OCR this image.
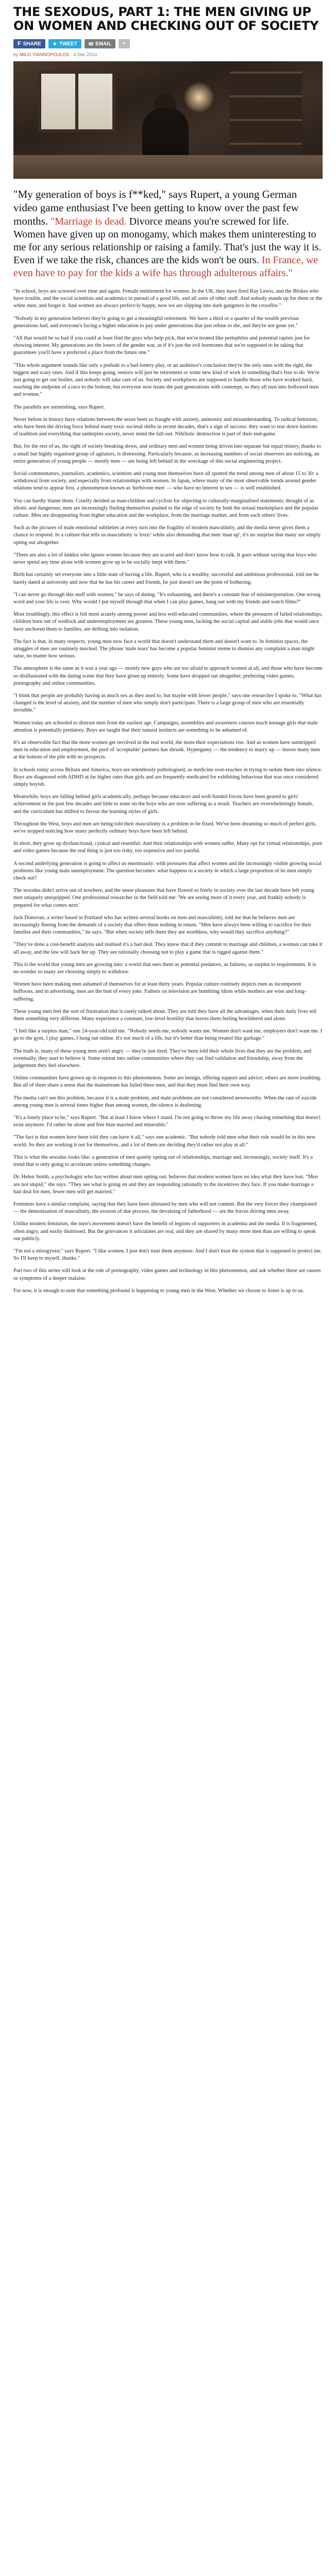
THE SEXODUS, PART 1: THE MEN GIVING UP ON WOMEN AND CHECKING OUT OF SOCIETY
F SHARE ✦ TWEET ✉ EMAIL +
by MILO YIANNOPOULOS · 4 Dec 2014
"My generation of boys is f**ked," says Rupert, a young German video game enthusiast I've been getting to know over the past few months. "Marriage is dead. Divorce means you're screwed for life. Women have given up on monogamy, which makes them uninteresting to me for any serious relationship or raising a family. That's just the way it is. Even if we take the risk, chances are the kids won't be ours. In France, we even have to pay for the kids a wife has through adulterous affairs."

"In school, boys are screwed over time and again. Female entitlement for women. In the UK, they have fired Ray Lewis, and the Blokes who have trouble, and the social scientists and academics in pursuit of a good life, and all sorts of other stuff. And nobody stands up for them or the white men, and forget it. And women are always perfect-ly happy, now we are slipping into dark gangsters in the crossfire."

"Nobody in my generation believes they're going to get a meaningful retirement. We have a third or a quarter of the wealth previous generations had, and everyone's facing a higher education to pay under generations that just refuse to die, and they're not gone yet."

"All that would be so bad if you could at least find the guys who help pick, that we're treated like pedophiles and potential rapists just for showing interest. My generations are the losers of the gender war, as if it's just the evil hormones that we're supposed to be taking that guarantees you'll have a preferred a place from the future one."

"This whole argument sounds like only a prelude to a bad-lottery play, or an audience's conclusion they're the only ones with the right, the biggest and scary ones. And if this keeps going, seniors will just be retirement or some new kind of work in something that's free to do. We're just going to get our bodies, and nobody will take care of us. Society and workplaces are supposed to handle those who have worked hard, reaching the endpoint of a race to the bottom, but everyone now treats the past generations with contempt, so they all turn into hollowed men and women."

The parallels are astonishing, says Rupert.

Never before in history have relations between the sexes been so fraught with anxiety, animosity and misunderstanding. To radical feminists, who have been the driving force behind many toxic societal shifts in recent decades, that's a sign of success: they want to tear down bastions of tradition and everything that underpins society, never mind the fall-out. Nihilistic destruction is part of their end-game.

But, for the rest of us, the sight of society breaking down, and ordinary men and women being driven into separate but equal misery, thanks to a small but highly organised group of agitators, is distressing. Particularly because, as increasing numbers of social observers are noticing, an entire generation of young people — mostly men — are being left behind in the wreckage of this social engineering project.

Social commentators, journalists, academics, scientists and young men themselves have all spotted the trend among men of about 15 to 30: a withdrawal from society, and especially from relationships with women. In Japan, where many of the most observable trends around gender relations tend to appear first, a phenomenon known as 'herbivore men' — who have no interest in sex — is well established.

You can hardly blame them. Cruelly derided as man-children and cyclists for objecting to culturally-marginalised statements; thought of as idiotic and dangerous; men are increasingly finding themselves pushed to the edge of society by both the sexual marketplace and the popular culture. Men are disappearing from higher education and the workplace, from the marriage market, and from each others' lives.

Such as the pictures of male emotional subtleties at every turn into the fragility of modern masculinity, and the media never gives them a chance to respond. In a culture that tells us masculinity is 'toxic' while also demanding that men 'man up', it's no surprise that many are simply opting out altogether.

"There are also a lot of kiddos who ignore women because they are scared and don't know how to talk. It goes without saying that boys who never spend any time alone with women grow up to be socially inept with them."

Birth has certainly set everyone into a little state of having a life. Rupert, who is a wealthy, successful and ambitious professional, told me he barely dated at university and now that he has his career and friends, he just doesn't see the point of bothering.

"I can never go through this stuff with women," he says of dating. "It's exhausting, and there's a constant fear of misinterpretation. One wrong word and your life is over. Why would I put myself through that when I can play games, hang out with my friends and watch films?"

Most troublingly, this effect is felt most acutely among poorer and less well-educated communities, where the pressures of failed relationships, children born out of wedlock and underemployment are greatest. These young men, lacking the social capital and stable jobs that would once have anchored them to families, are drifting into isolation.

The fact is that, in many respects, young men now face a world that doesn't understand them and doesn't want to. In feminist spaces, the struggles of men are routinely mocked. The phrase 'male tears' has become a popular feminist meme to dismiss any complaint a man might raise, no matter how serious.

The atmosphere is the same as it was a year ago — mostly new guys who are too afraid to approach women at all, and those who have become so disillusioned with the dating scene that they have given up entirely. Some have dropped out altogether, preferring video games, pornography and online communities.

"I think that people are probably having as much sex as they used to, but maybe with fewer people," says one researcher I spoke to. "What has changed is the level of anxiety, and the number of men who simply don't participate. There is a large group of men who are essentially invisible."

Women today are schooled to distrust men from the earliest age. Campaigns, assemblies and awareness courses teach teenage girls that male attention is potentially predatory. Boys are taught that their natural instincts are something to be ashamed of.

It's an observable fact that the more women get involved in the real world, the more their expectations rise. And as women have outstripped men in education and employment, the pool of 'acceptable' partners has shrunk. Hypergamy — the tendency to marry up — leaves many men at the bottom of the pile with no prospects.

In schools today across Britain and America, boys are relentlessly pathologised, as medicine over-reaches in trying to sedate them into silence. Boys are diagnosed with ADHD at far higher rates than girls and are frequently medicated for exhibiting behaviour that was once considered simply boyish.

Meanwhile, boys are falling behind girls academically, perhaps because educators and well-funded forces have been geared to girls' achievement in the past few decades and little to none on the boys who are now suffering as a result. Teachers are overwhelmingly female, and the curriculum has shifted to favour the learning styles of girls.

Throughout the West, boys and men are being told their masculinity is a problem to be fixed. We've been dreaming so much of perfect girls, we've stopped noticing how many perfectly ordinary boys have been left behind.

In short, they grow up dysfunctional, cynical and resentful. And their relationships with women suffer. Many opt for virtual relationships, porn and video games because the real thing is just too risky, too expensive and too painful.

A second underlying generation is going to affect us enormously: with pressures that affect women and the increasingly visible growing social problems like young male unemployment. The question becomes: what happens to a society in which a large proportion of its men simply check out?

The sexodus didn't arrive out of nowhere, and the sense pleasures that have flowed so freely in society over the last decade have left young men uniquely unequipped. One professional researcher in the field told me: 'We are seeing more of it every year, and frankly nobody is prepared for what comes next.'

Jack Donovan, a writer based in Portland who has written several books on men and masculinity, told me that he believes men are increasingly fleeing from the demands of a society that offers them nothing in return. "Men have always been willing to sacrifice for their families and their communities," he says. "But when society tells them they are worthless, why would they sacrifice anything?"

"They've done a cost-benefit analysis and realised it's a bad deal. They know that if they commit to marriage and children, a woman can take it all away, and the law will back her up. They are rationally choosing not to play a game that is rigged against them."

This is the world that young men are growing into: a world that sees them as potential predators, as failures, as surplus to requirements. It is no wonder so many are choosing simply to withdraw.

Women have been making men ashamed of themselves for at least thirty years. Popular culture routinely depicts men as incompetent buffoons, and in advertising, men are the butt of every joke. Fathers on television are bumbling idiots while mothers are wise and long-suffering.

These young men feel the sort of frustration that is rarely talked about. They are told they have all the advantages, when their daily lives tell them something very different. Many experience a constant, low-level hostility that leaves them feeling bewildered and alone.

"I feel like a surplus man," one 24-year-old told me. "Nobody needs me, nobody wants me. Women don't want me, employers don't want me. I go to the gym, I play games, I hang out online. It's not much of a life, but it's better than being treated like garbage."

The truth is, many of these young men aren't angry — they're just tired. They've been told their whole lives that they are the problem, and eventually, they start to believe it. Some retreat into online communities where they can find validation and friendship, away from the judgement they feel elsewhere.

Online communities have grown up in response to this phenomenon. Some are benign, offering support and advice; others are more troubling. But all of them share a sense that the mainstream has failed these men, and that they must find their own way.

The media can't see this problem, because it is a male problem, and male problems are not considered newsworthy. When the rate of suicide among young men is several times higher than among women, the silence is deafening.

"It's a lonely place to be," says Rupert. "But at least I know where I stand. I'm not going to throw my life away chasing something that doesn't exist anymore. I'd rather be alone and free than married and miserable."

"The fact is that women have been told they can have it all," says one academic. "But nobody told men what their role would be in this new world. So they are working it out for themselves, and a lot of them are deciding they'd rather not play at all."

This is what the sexodus looks like: a generation of men quietly opting out of relationships, marriage and, increasingly, society itself. It's a trend that is only going to accelerate unless something changes.

Dr. Helen Smith, a psychologist who has written about men opting out, believes that modern women have no idea what they have lost. "Men are not stupid," she says. "They see what is going on and they are responding rationally to the incentives they face. If you make marriage a bad deal for men, fewer men will get married."

Feminists have a similar complaint, saying that they have been alienated by men who will not commit. But the very forces they championed — the demonisation of masculinity, the erosion of due process, the devaluing of fatherhood — are the forces driving men away.

Unlike modern feminism, the men's movement doesn't have the benefit of legions of supporters in academia and the media. It is fragmented, often angry, and easily dismissed. But the grievances it articulates are real, and they are shared by many more men than are willing to speak out publicly.

"I'm not a misogynist," says Rupert. "I like women. I just don't trust them anymore. And I don't trust the system that is supposed to protect me. So I'll keep to myself, thanks."

Part two of this series will look at the role of pornography, video games and technology in this phenomenon, and ask whether these are causes or symptoms of a deeper malaise.

For now, it is enough to note that something profound is happening to young men in the West. Whether we choose to listen is up to us.
